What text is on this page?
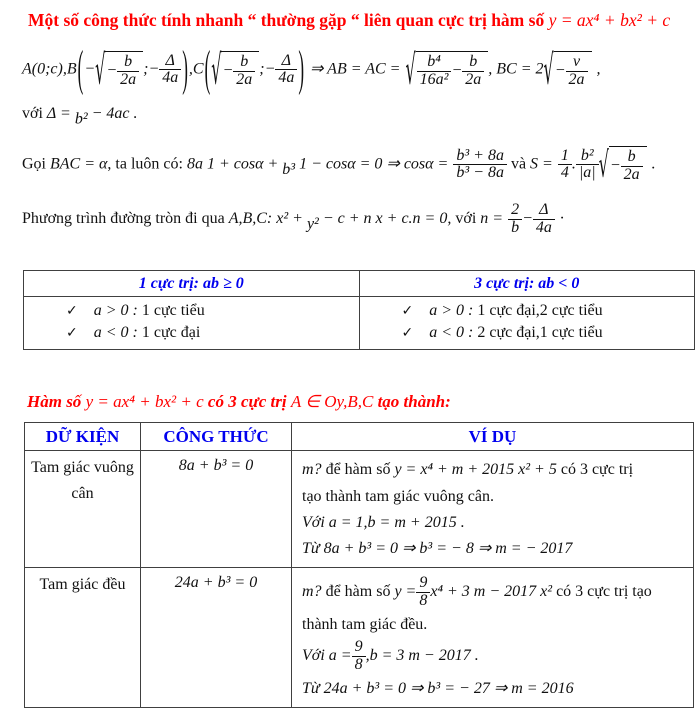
Một số công thức tính nhanh “ thường gặp “ liên quan cực trị hàm số y = ax⁴ + bx² + c
A(0;c),B(−√− $\frac{b}{2a}$ ;− $\frac{\Delta}{4a} ),C(√- \frac{b}{2a}$ ;− $\frac{\Delta}{4a}$ ) ⇒ AB = AC = √ $\frac{\text{b⁴}}{\text{16a²}} - \frac{b}{2a}$ , BC = $2√- \frac{v}{2a}$ ,
với Δ = b² − 4ac .
Gọi BAC = α, ta luôn có: 8a 1 + cosα + b³ 1 − cosα = 0 ⇒ $\cos\alpha = \frac{\text{b³ + 8a}}{\text{b³ − 8a}}$ và $S = \frac{1}{4}$ . $\frac{\text{b²}}{|a|}$ √− $\frac{b}{2a}$ .
Phương trình đường tròn đi qua A,B,C: x² + y² − c + n x + c.n = 0, với $n = \frac{2}{b} - \frac{\Delta}{4a}$ ·
1 cực trị: ab ≥ 0	3 cực trị: ab < 0

✓ a > 0 : 1 cực tiểu
✓ a < 0 : 1 cực đại

✓ a > 0 : 1 cực đại,2 cực tiểu
✓ a < 0 : 2 cực đại,1 cực tiểu
Hàm số y = ax⁴ + bx² + c có 3 cực trị A ∈ Oy,B,C tạo thành:
DỮ KIỆN	CÔNG THỨC	VÍ DỤ
Tam giác vuông cân	8a + b³ = 0	m? để hàm số y = x⁴ + m + 2015 x² + 5 có 3 cực trị
tạo thành tam giác vuông cân.
Với a = 1,b = m + 2015 .
Từ 8a + b³ = 0 ⇒ b³ = − 8 ⇒ m = − 2017

Tam giác đều	24a + b³ = 0	
m? để hàm số $y = \frac{9}{8} x^4 + 3$ m − 2017 x² có 3 cực trị tạo
thành tam giác đều.
Với $a = \frac{9}{8} ,b = 3$ m − 2017 .
Từ 24a + b³ = 0 ⇒ b³ = − 27 ⇒ m = 2016
